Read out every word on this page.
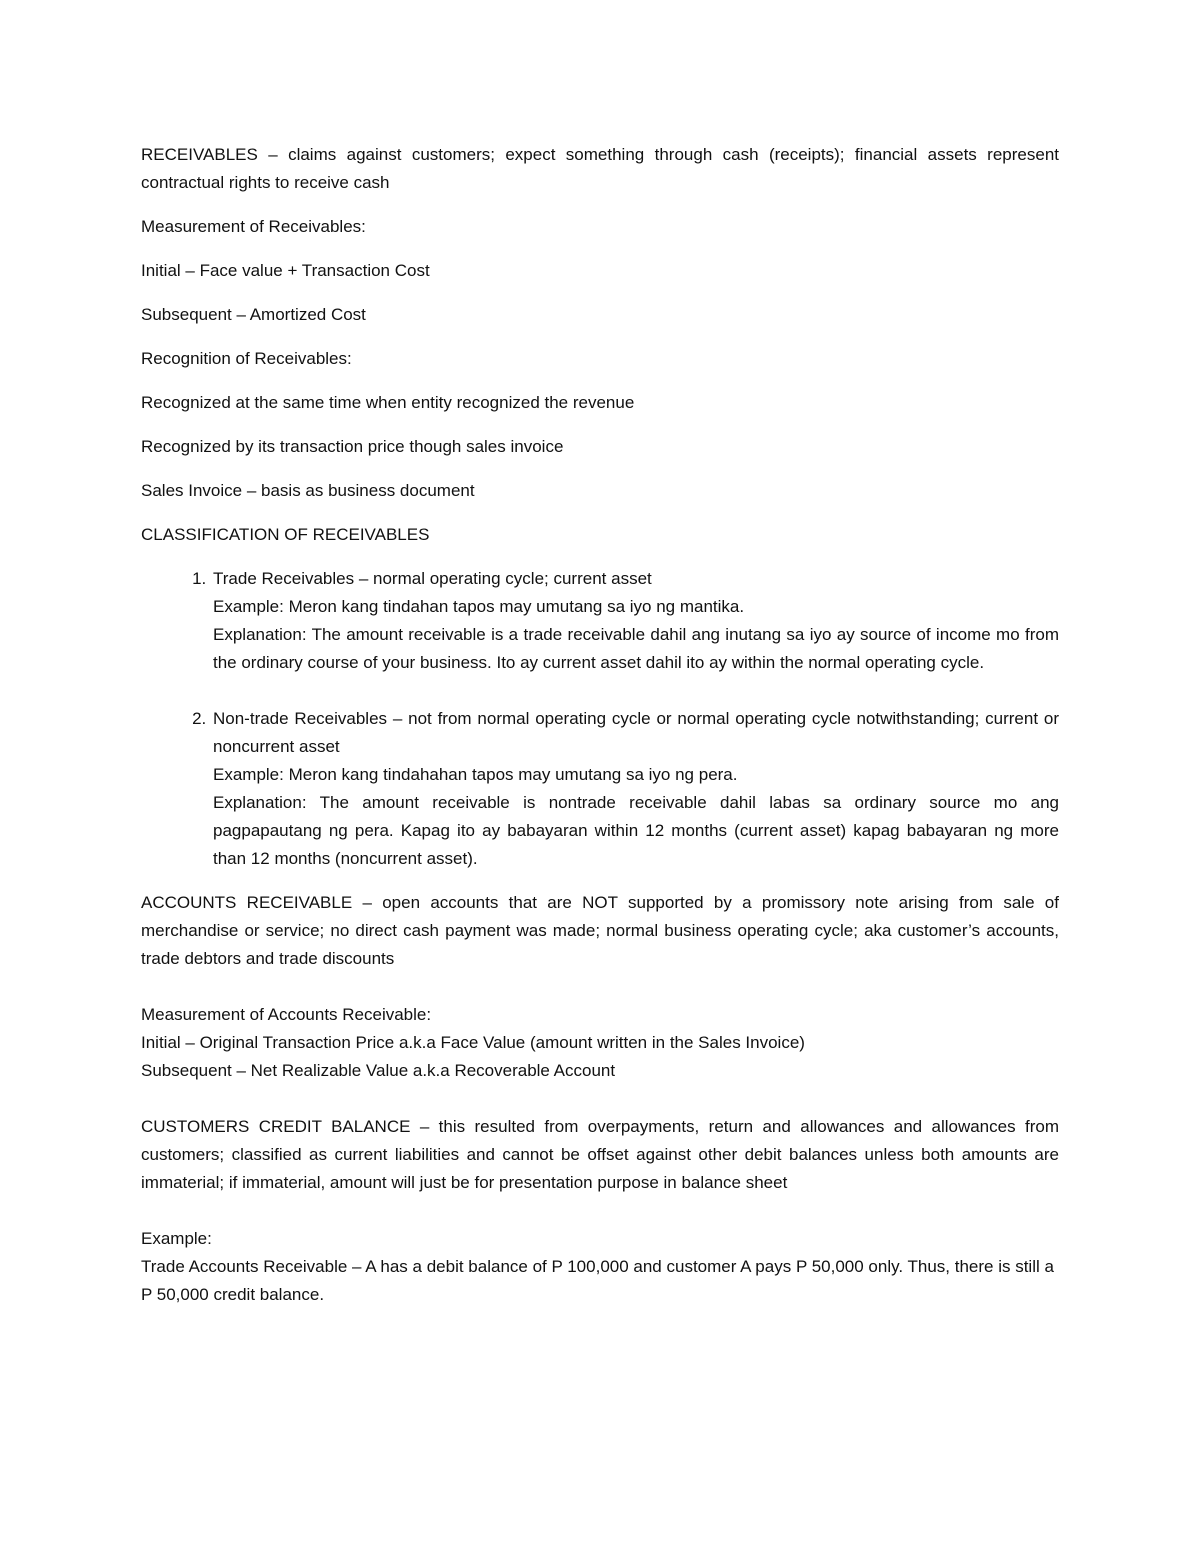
RECEIVABLES – claims against customers; expect something through cash (receipts); financial assets represent contractual rights to receive cash

Measurement of Receivables:

Initial – Face value + Transaction Cost

Subsequent – Amortized Cost

Recognition of Receivables:

Recognized at the same time when entity recognized the revenue

Recognized by its transaction price though sales invoice

Sales Invoice – basis as business document

CLASSIFICATION OF RECEIVABLES

1. Trade Receivables – normal operating cycle; current asset
Example: Meron kang tindahan tapos may umutang sa iyo ng mantika.
Explanation: The amount receivable is a trade receivable dahil ang inutang sa iyo ay source of income mo from the ordinary course of your business. Ito ay current asset dahil ito ay within the normal operating cycle.
2. Non-trade Receivables – not from normal operating cycle or normal operating cycle notwithstanding; current or noncurrent asset
Example: Meron kang tindahahan tapos may umutang sa iyo ng pera.
Explanation: The amount receivable is nontrade receivable dahil labas sa ordinary source mo ang pagpapautang ng pera. Kapag ito ay babayaran within 12 months (current asset) kapag babayaran ng more than 12 months (noncurrent asset).
ACCOUNTS RECEIVABLE – open accounts that are NOT supported by a promissory note arising from sale of merchandise or service; no direct cash payment was made; normal business operating cycle; aka customer’s accounts, trade debtors and trade discounts
Measurement of Accounts Receivable:
Initial – Original Transaction Price a.k.a Face Value (amount written in the Sales Invoice)
Subsequent – Net Realizable Value a.k.a Recoverable Account
CUSTOMERS CREDIT BALANCE – this resulted from overpayments, return and allowances and allowances from customers; classified as current liabilities and cannot be offset against other debit balances unless both amounts are immaterial; if immaterial, amount will just be for presentation purpose in balance sheet
Example:
Trade Accounts Receivable – A has a debit balance of P 100,000 and customer A pays P 50,000 only. Thus, there is still a P 50,000 credit balance.
